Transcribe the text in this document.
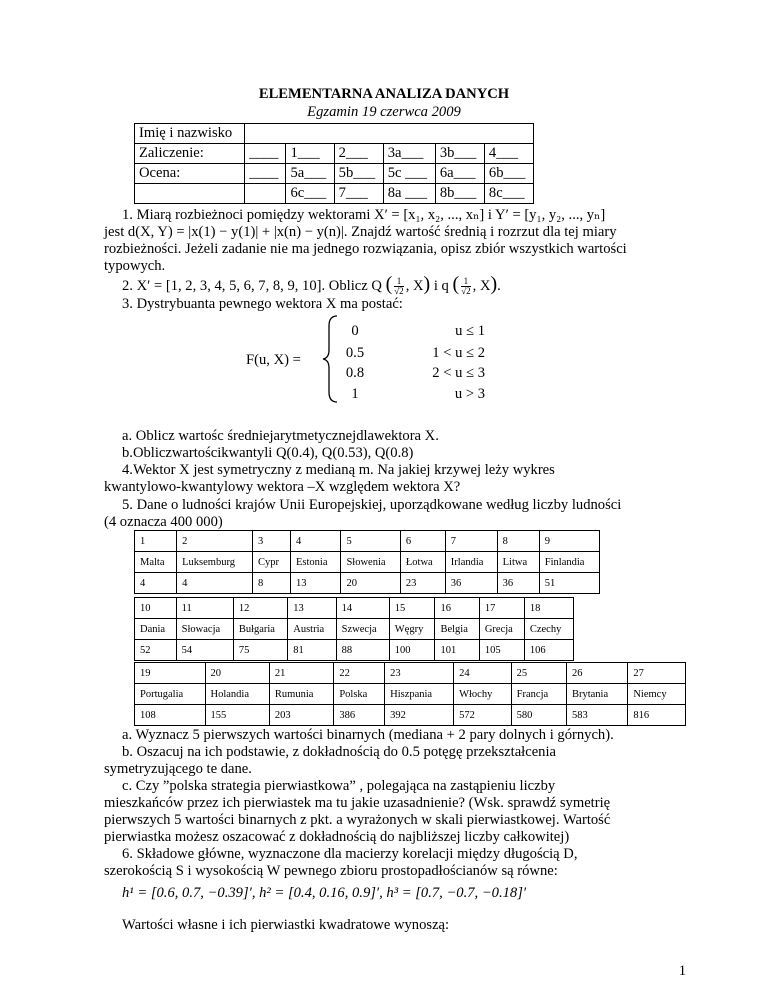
ELEMENTARNA ANALIZA DANYCH
Egzamin 19 czerwca 2009
Imię i nazwisko						
Zaliczenie:	____	1___	2___	3a___	3b___	4___
Ocena:	____	5a___	5b___	5c ___	6a___	6b___
		6c___	7___	8a ___	8b___	8c___
1. Miarą rozbieżnoci pomiędzy wektorami X′ = [x₁, x₂, ..., xₙ] i Y′ = [y₁, y₂, ..., yₙ]
jest d(X, Y) = |x(1) − y(1)| + |x(n) − y(n)|. Znajdź wartość średnią i rozrzut dla tej miary
rozbieżności. Jeżeli zadanie nie ma jednego rozwiązania, opisz zbiór wszystkich wartości
typowych.
2. X′ = [1, 2, 3, 4, 5, 6, 7, 8, 9, 10]. Oblicz Q ( $\frac{1}{√2}$ , X) i q ( $\frac{1}{√2}$ , X).
3. Dystrybuanta pewnego wektora X ma postać:
F(u, X) =
0	u ≤ 1
0.5	1 < u ≤ 2
0.8	2 < u ≤ 3
1	u > 3
a. Oblicz wartośc średniejarytmetycznejdlawektora X.
b.Obliczwartościkwantyli Q(0.4), Q(0.53), Q(0.8)
4.Wektor X jest symetryczny z medianą m. Na jakiej krzywej leży wykres
kwantylowo-kwantylowy wektora –X względem wektora X?
5. Dane o ludności krajów Unii Europejskiej, uporządkowane według liczby ludności
(4 oznacza 400 000)
1	2	3	4	5	6	7	8	9
Malta	Luksemburg	Cypr	Estonia	Słowenia	Łotwa	Irlandia	Litwa	Finlandia
4	4	8	13	20	23	36	36	51
10	11	12	13	14	15	16	17	18
Dania	Słowacja	Bułgaria	Austria	Szwecja	Węgry	Belgia	Grecja	Czechy
52	54	75	81	88	100	101	105	106
19	20	21	22	23	24	25	26	27
Portugalia	Holandia	Rumunia	Polska	Hiszpania	Włochy	Francja	Brytania	Niemcy
108	155	203	386	392	572	580	583	816
a. Wyznacz 5 pierwszych wartości binarnych (mediana + 2 pary dolnych i górnych).
b. Oszacuj na ich podstawie, z dokładnością do 0.5 potęgę przekształcenia
symetryzującego te dane.
c. Czy ”polska strategia pierwiastkowa” , polegająca na zastąpieniu liczby
mieszkańców przez ich pierwiastek ma tu jakie uzasadnienie? (Wsk. sprawdź symetrię
pierwszych 5 wartości binarnych z pkt. a wyrażonych w skali pierwiastkowej. Wartość
pierwiastka możesz oszacować z dokładnością do najbliższej liczby całkowitej)
6. Składowe główne, wyznaczone dla macierzy korelacji między długością D,
szerokością S i wysokością W pewnego zbioru prostopadłościanów są równe:
h¹ = [0.6, 0.7, −0.39]′, h² = [0.4, 0.16, 0.9]′, h³ = [0.7, −0.7, −0.18]′
Wartości własne i ich pierwiastki kwadratowe wynoszą:
1
